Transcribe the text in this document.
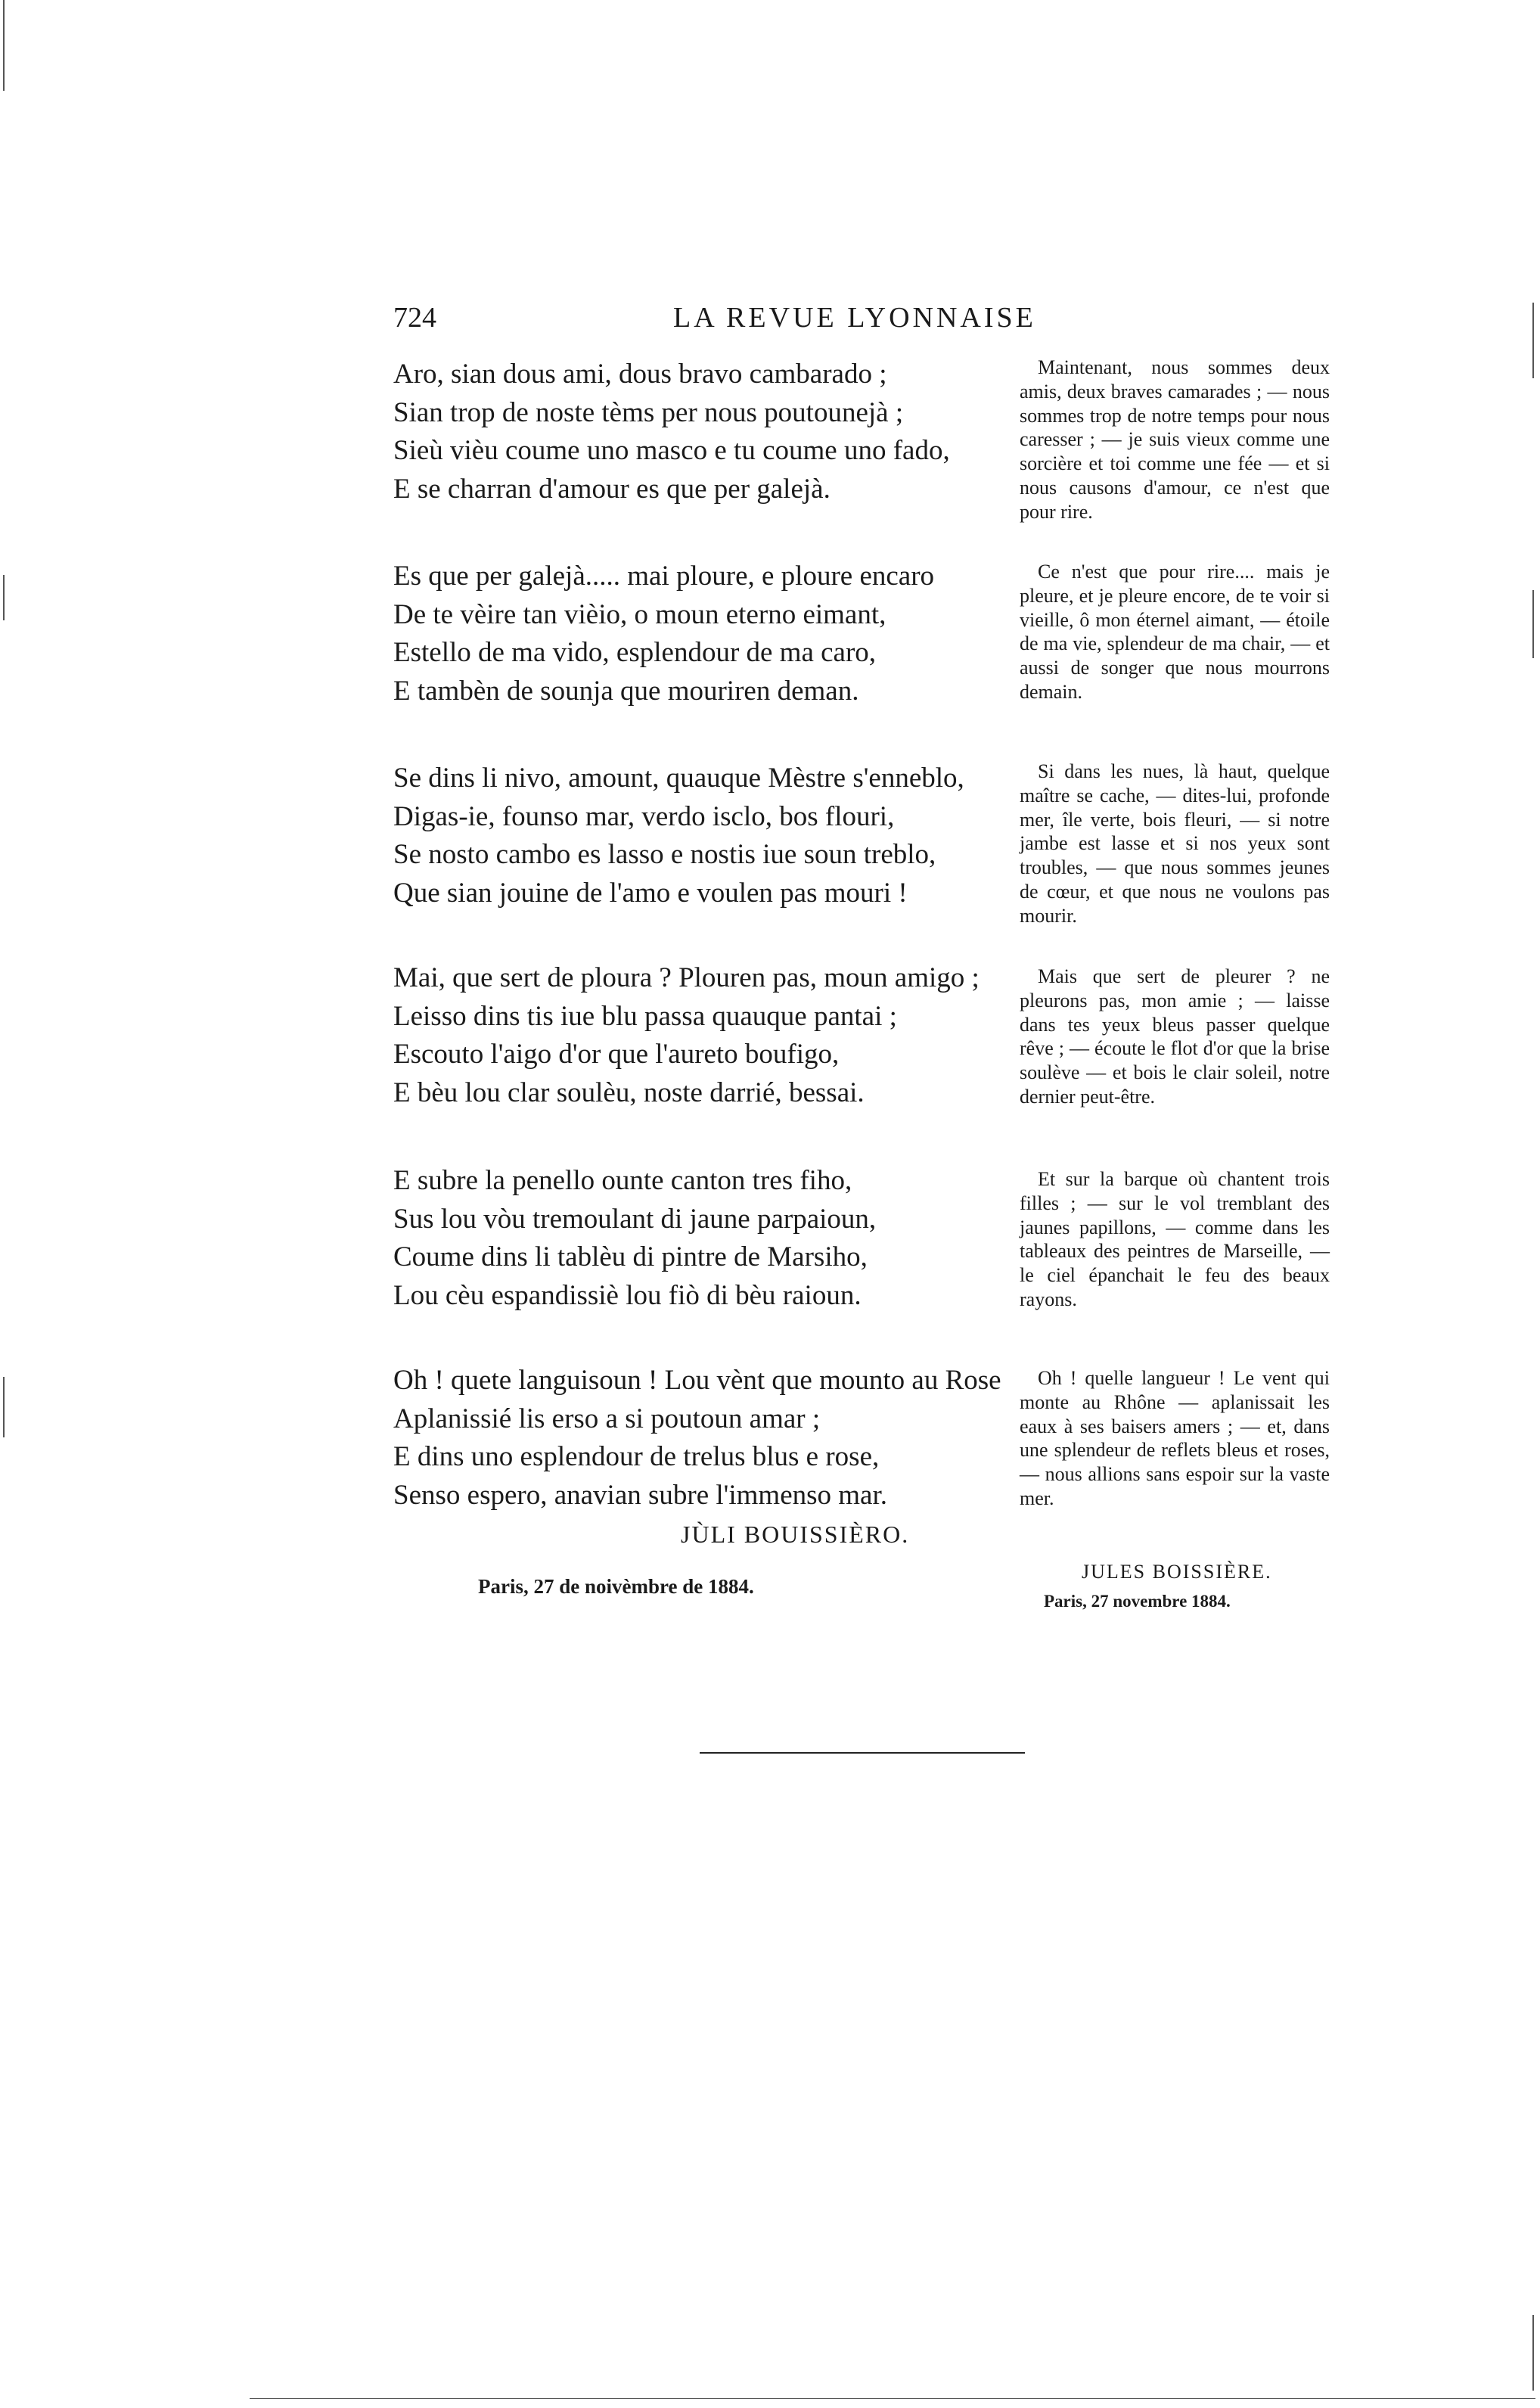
724	LA REVUE LYONNAISE
Aro, sian dous ami, dous bravo cambarado ;
Sian trop de noste tèms per nous poutounejà ;
Sieù vièu coume uno masco e tu coume uno fado,
E se charran d'amour es que per galejà.
Es que per galejà..... mai ploure, e ploure encaro
De te vèire tan vièio, o moun eterno eimant,
Estello de ma vido, esplendour de ma caro,
E tambèn de sounja que mouriren deman.
Se dins li nivo, amount, quauque Mèstre s'enneblo,
Digas-ie, founso mar, verdo isclo, bos flouri,
Se nosto cambo es lasso e nostis iue soun treblo,
Que sian jouine de l'amo e voulen pas mouri !
Mai, que sert de ploura ? Plouren pas, moun amigo ;
Leisso dins tis iue blu passa quauque pantai ;
Escouto l'aigo d'or que l'aureto boufigo,
E bèu lou clar soulèu, noste darrié, bessai.
E subre la penello ounte canton tres fiho,
Sus lou vòu tremoulant di jaune parpaioun,
Coume dins li tablèu di pintre de Marsiho,
Lou cèu espandissiè lou fiò di bèu raioun.
Oh ! quete languisoun ! Lou vènt que mounto au Rose
Aplanissié lis erso a si poutoun amar ;
E dins uno esplendour de trelus blus e rose,
Senso espero, anavian subre l'immenso mar.
JÙLI BOUISSIÈRO.
Paris, 27 de noivèmbre de 1884.

Maintenant, nous sommes deux amis, deux braves camarades ; — nous sommes trop de notre temps pour nous caresser ; — je suis vieux comme une sorcière et toi comme une fée — et si nous causons d'amour, ce n'est que pour rire.

Ce n'est que pour rire.... mais je pleure, et je pleure encore, de te voir si vieille, ô mon éternel aimant, — étoile de ma vie, splendeur de ma chair, — et aussi de songer que nous mourrons demain.

Si dans les nues, là haut, quelque maître se cache, — dites-lui, profonde mer, île verte, bois fleuri, — si notre jambe est lasse et si nos yeux sont troubles, — que nous sommes jeunes de cœur, et que nous ne voulons pas mourir.

Mais que sert de pleurer ? ne pleurons pas, mon amie ; — laisse dans tes yeux bleus passer quelque rêve ; — écoute le flot d'or que la brise soulève — et bois le clair soleil, notre dernier peut-être.

Et sur la barque où chantent trois filles ; — sur le vol tremblant des jaunes papillons, — comme dans les tableaux des peintres de Marseille, — le ciel épanchait le feu des beaux rayons.

Oh ! quelle langueur ! Le vent qui monte au Rhône — aplanissait les eaux à ses baisers amers ; — et, dans une splendeur de reflets bleus et roses, — nous allions sans espoir sur la vaste mer.

JULES BOISSIÈRE.
Paris, 27 novembre 1884.
